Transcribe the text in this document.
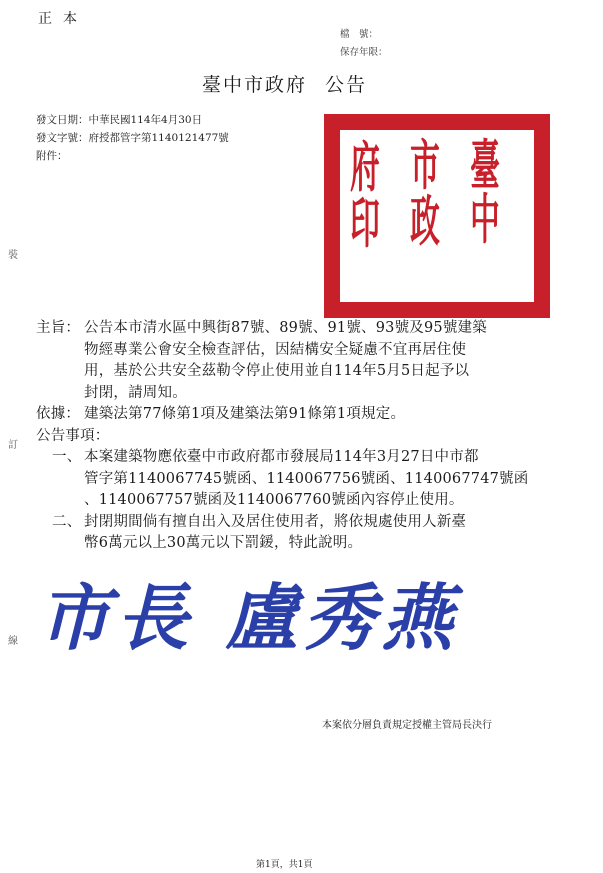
正本
檔　號：
保存年限：
臺中市政府 公告
發文日期：中華民國114年4月30日
發文字號：府授都管字第1140121477號
附件：
裝
訂
線
臺
市
中
政
府
印
主旨： 公告本市清水區中興街87號、89號、91號、93號及95號建築
物經專業公會安全檢查評估，因結構安全疑慮不宜再居住使
用，基於公共安全茲勒令停止使用並自114年5月5日起予以
封閉，請周知。
依據： 建築法第77條第1項及建築法第91條第1項規定。
公告事項：
一、 本案建築物應依臺中市政府都市發展局114年3月27日中市都
管字第1140067745號函、1140067756號函、1140067747號函
、1140067757號函及1140067760號函內容停止使用。
二、 封閉期間倘有擅自出入及居住使用者，將依規處使用人新臺
幣6萬元以上30萬元以下罰鍰，特此說明。
市長 盧秀燕
本案依分層負責規定授權主管局長決行
第1頁，共1頁
